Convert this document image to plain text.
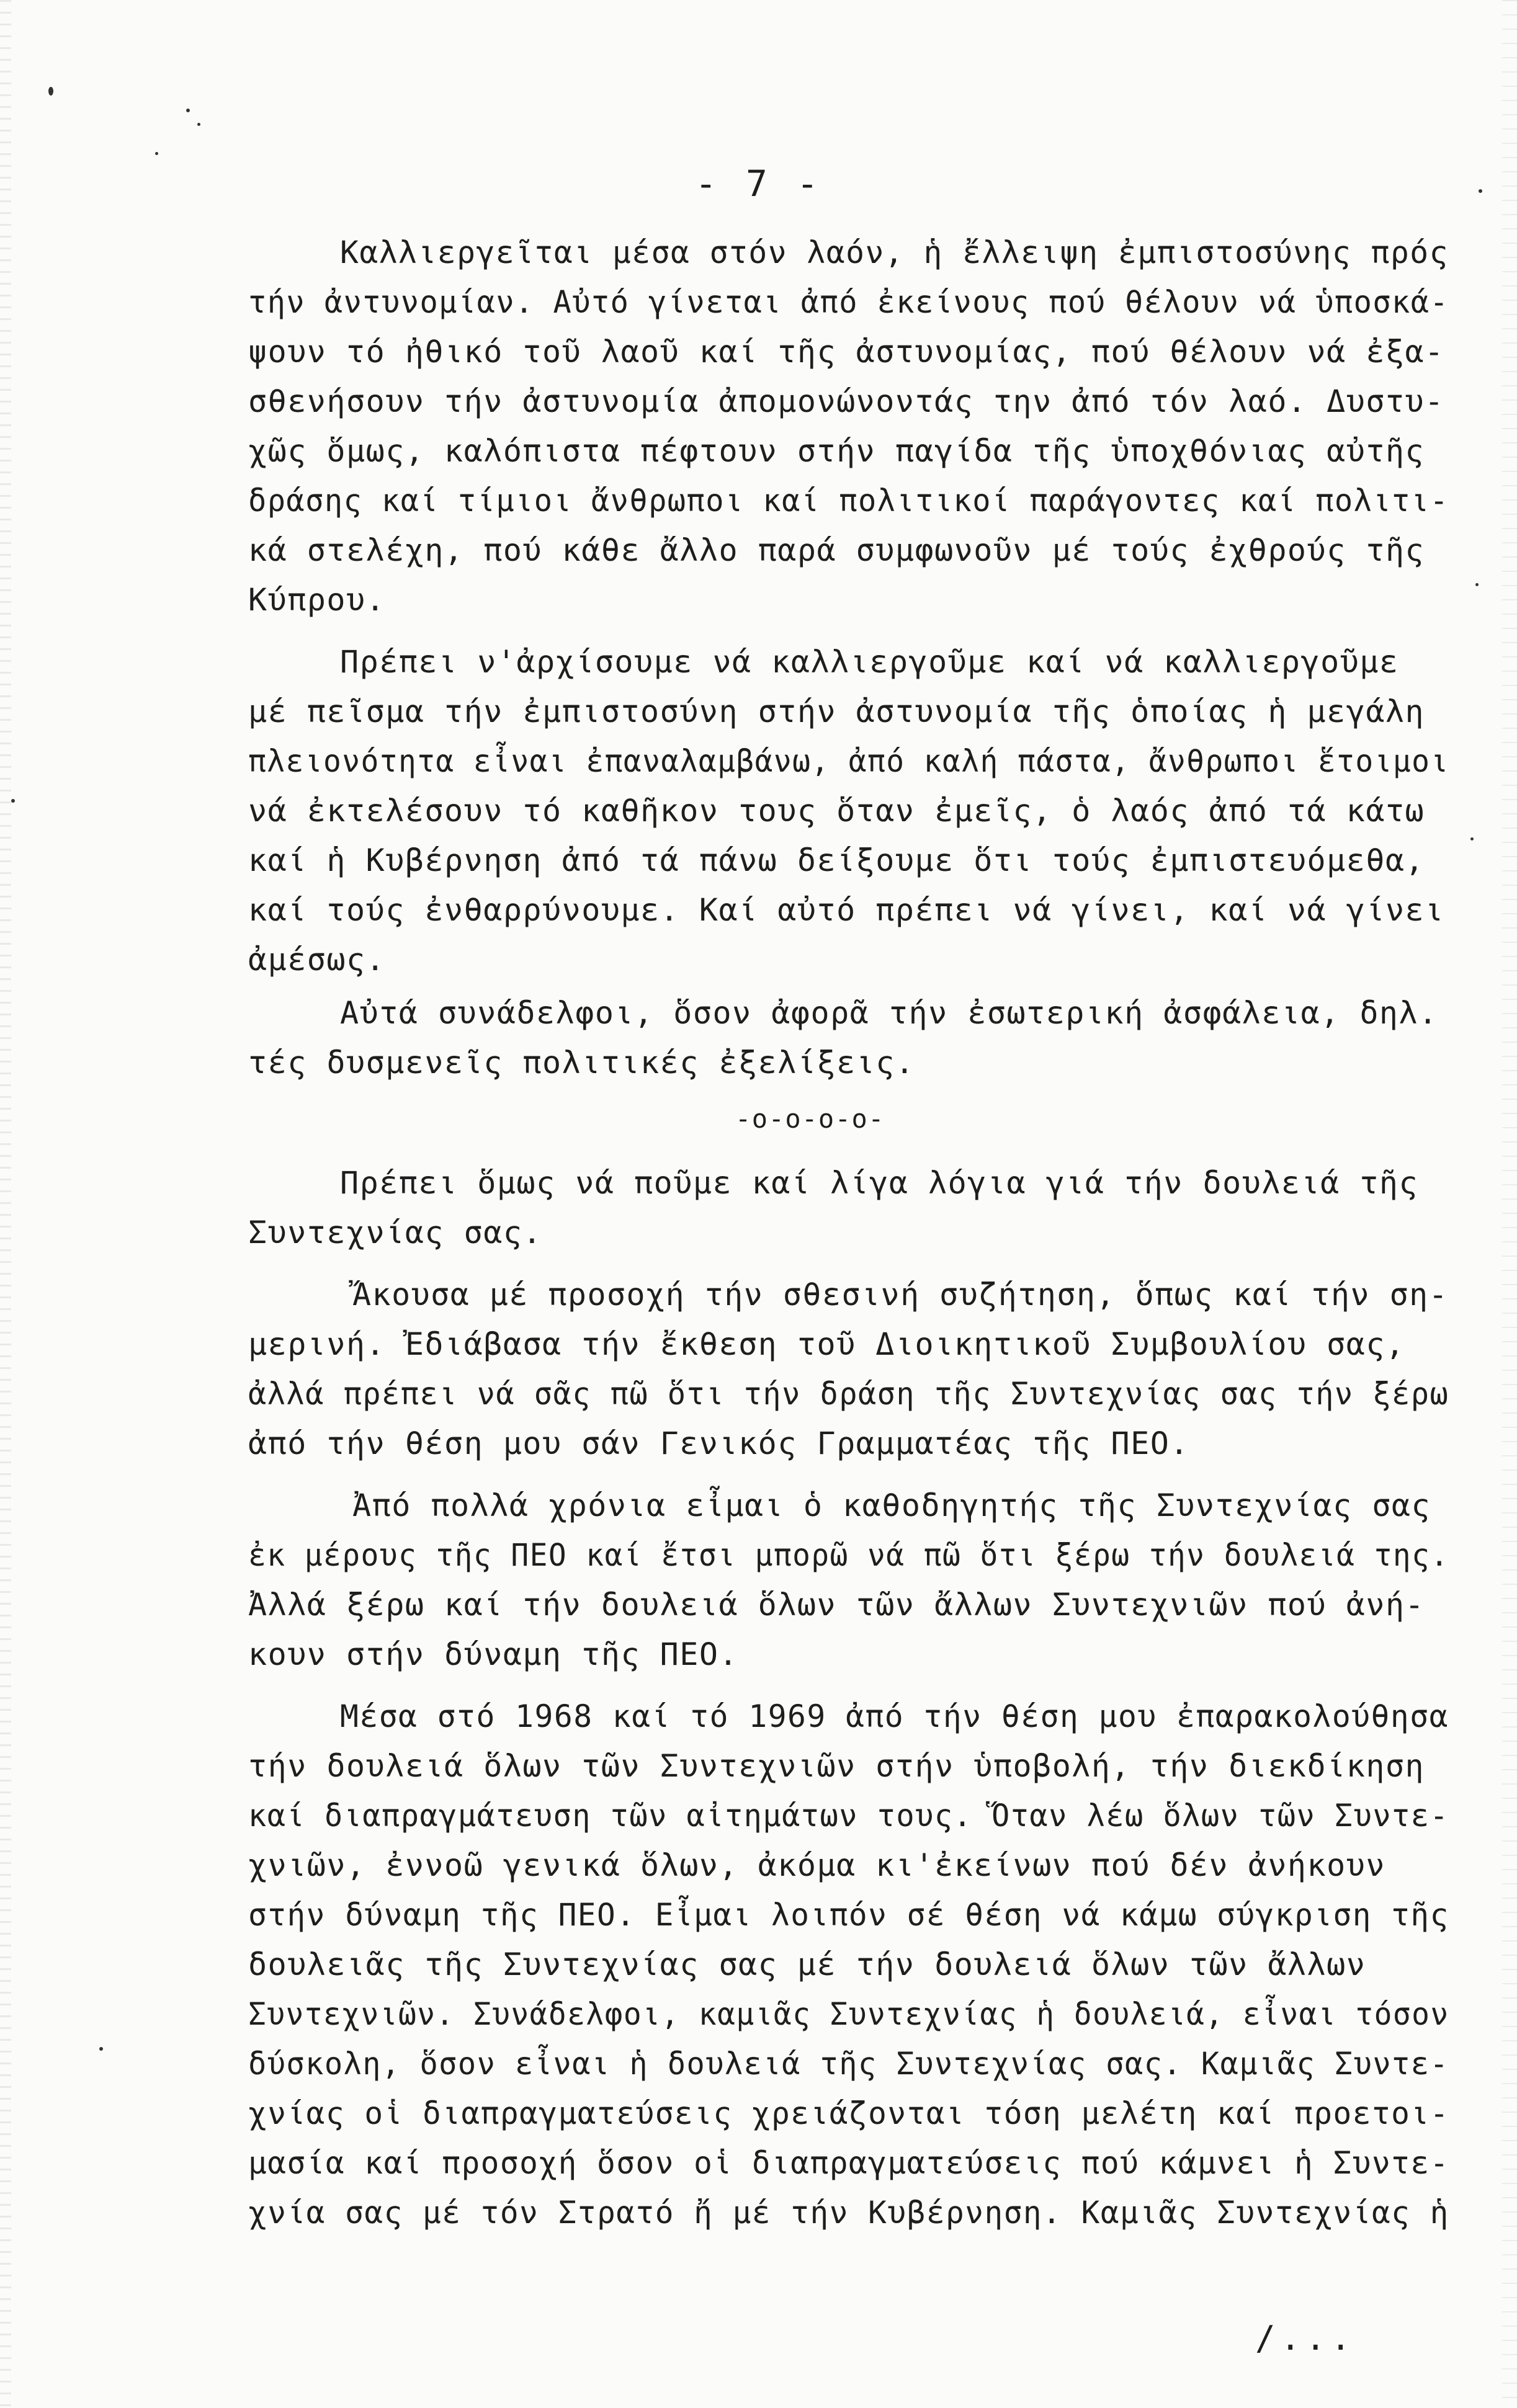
- 7 -
Καλλιεργεῖται μέσα στόν λαόν, ἡ ἔλλειψη ἐμπιστοσύνης πρός
τήν ἀντυνομίαν. Αὐτό γίνεται ἀπό ἐκείνους πού θέλουν νά ὑποσκά-
ψουν τό ἠθικό τοῦ λαοῦ καί τῆς ἀστυνομίας, πού θέλουν νά ἐξα-
σθενήσουν τήν ἀστυνομία ἀπομονώνοντάς την ἀπό τόν λαό. Δυστυ-
χῶς ὅμως, καλόπιστα πέφτουν στήν παγίδα τῆς ὑποχθόνιας αὐτῆς
δράσης καί τίμιοι ἄνθρωποι καί πολιτικοί παράγοντες καί πολιτι-
κά στελέχη, πού κάθε ἄλλο παρά συμφωνοῦν μέ τούς ἐχθρούς τῆς
Κύπρου.
Πρέπει ν'ἀρχίσουμε νά καλλιεργοῦμε καί νά καλλιεργοῦμε
μέ πεῖσμα τήν ἐμπιστοσύνη στήν ἀστυνομία τῆς ὁποίας ἡ μεγάλη
πλειονότητα εἶναι ἐπαναλαμβάνω, ἀπό καλή πάστα, ἄνθρωποι ἕτοιμοι
νά ἐκτελέσουν τό καθῆκον τους ὅταν ἐμεῖς, ὁ λαός ἀπό τά κάτω
καί ἡ Κυβέρνηση ἀπό τά πάνω δείξουμε ὅτι τούς ἐμπιστευόμεθα,
καί τούς ἐνθαρρύνουμε. Καί αὐτό πρέπει νά γίνει, καί νά γίνει
ἀμέσως.
Αὐτά συνάδελφοι, ὅσον ἀφορᾶ τήν ἐσωτερική ἀσφάλεια, δηλ.
τές δυσμενεῖς πολιτικές ἐξελίξεις.
-ο-ο-ο-ο-
Πρέπει ὅμως νά ποῦμε καί λίγα λόγια γιά τήν δουλειά τῆς
Συντεχνίας σας.
Ἄκουσα μέ προσοχή τήν σθεσινή συζήτηση, ὅπως καί τήν ση-
μερινή. Ἐδιάβασα τήν ἔκθεση τοῦ Διοικητικοῦ Συμβουλίου σας,
ἀλλά πρέπει νά σᾶς πῶ ὅτι τήν δράση τῆς Συντεχνίας σας τήν ξέρω
ἀπό τήν θέση μου σάν Γενικός Γραμματέας τῆς ΠΕΟ.
Ἀπό πολλά χρόνια εἶμαι ὁ καθοδηγητής τῆς Συντεχνίας σας
ἐκ μέρους τῆς ΠΕΟ καί ἔτσι μπορῶ νά πῶ ὅτι ξέρω τήν δουλειά της.
Ἀλλά ξέρω καί τήν δουλειά ὅλων τῶν ἄλλων Συντεχνιῶν πού ἀνή-
κουν στήν δύναμη τῆς ΠΕΟ.
Μέσα στό 1968 καί τό 1969 ἀπό τήν θέση μου ἐπαρακολούθησα
τήν δουλειά ὅλων τῶν Συντεχνιῶν στήν ὑποβολή, τήν διεκδίκηση
καί διαπραγμάτευση τῶν αἰτημάτων τους. Ὅταν λέω ὅλων τῶν Συντε-
χνιῶν, ἐννοῶ γενικά ὅλων, ἀκόμα κι'ἐκείνων πού δέν ἀνήκουν
στήν δύναμη τῆς ΠΕΟ. Εἶμαι λοιπόν σέ θέση νά κάμω σύγκριση τῆς
δουλειᾶς τῆς Συντεχνίας σας μέ τήν δουλειά ὅλων τῶν ἄλλων
Συντεχνιῶν. Συνάδελφοι, καμιᾶς Συντεχνίας ἡ δουλειά, εἶναι τόσον
δύσκολη, ὅσον εἶναι ἡ δουλειά τῆς Συντεχνίας σας. Καμιᾶς Συντε-
χνίας οἱ διαπραγματεύσεις χρειάζονται τόση μελέτη καί προετοι-
μασία καί προσοχή ὅσον οἱ διαπραγματεύσεις πού κάμνει ἡ Συντε-
χνία σας μέ τόν Στρατό ἤ μέ τήν Κυβέρνηση. Καμιᾶς Συντεχνίας ἡ
/...
